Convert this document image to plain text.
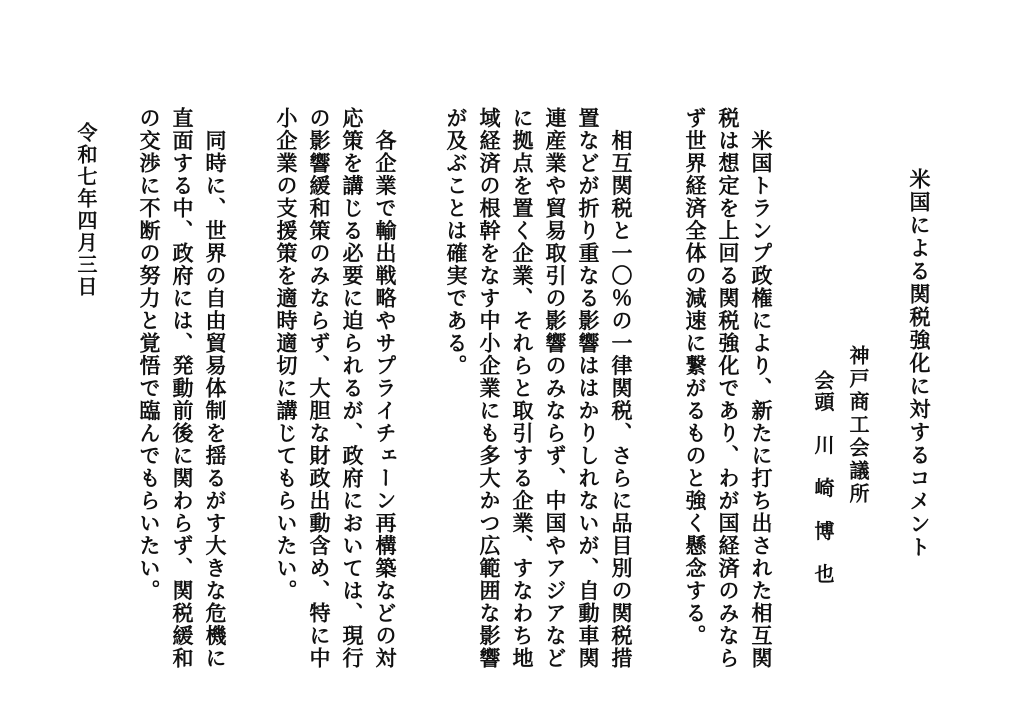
米国による関税強化に対するコメント
神戸商工会議所
会頭　川　崎　博　也
　米国トランプ政権により、新たに打ち出された相互関
税は想定を上回る関税強化であり、わが国経済のみなら
ず世界経済全体の減速に繋がるものと強く懸念する。
　相互関税と一〇％の一律関税、さらに品目別の関税措
置などが折り重なる影響ははかりしれないが、自動車関
連産業や貿易取引の影響のみならず、中国やアジアなど
に拠点を置く企業、それらと取引する企業、すなわち地
域経済の根幹をなす中小企業にも多大かつ広範囲な影響
が及ぶことは確実である。
　各企業で輸出戦略やサプライチェーン再構築などの対
応策を講じる必要に迫られるが、政府においては、現行
の影響緩和策のみならず、大胆な財政出動含め、特に中
小企業の支援策を適時適切に講じてもらいたい。
　同時に、世界の自由貿易体制を揺るがす大きな危機に
直面する中、政府には、発動前後に関わらず、関税緩和
の交渉に不断の努力と覚悟で臨んでもらいたい。
令和七年四月三日
